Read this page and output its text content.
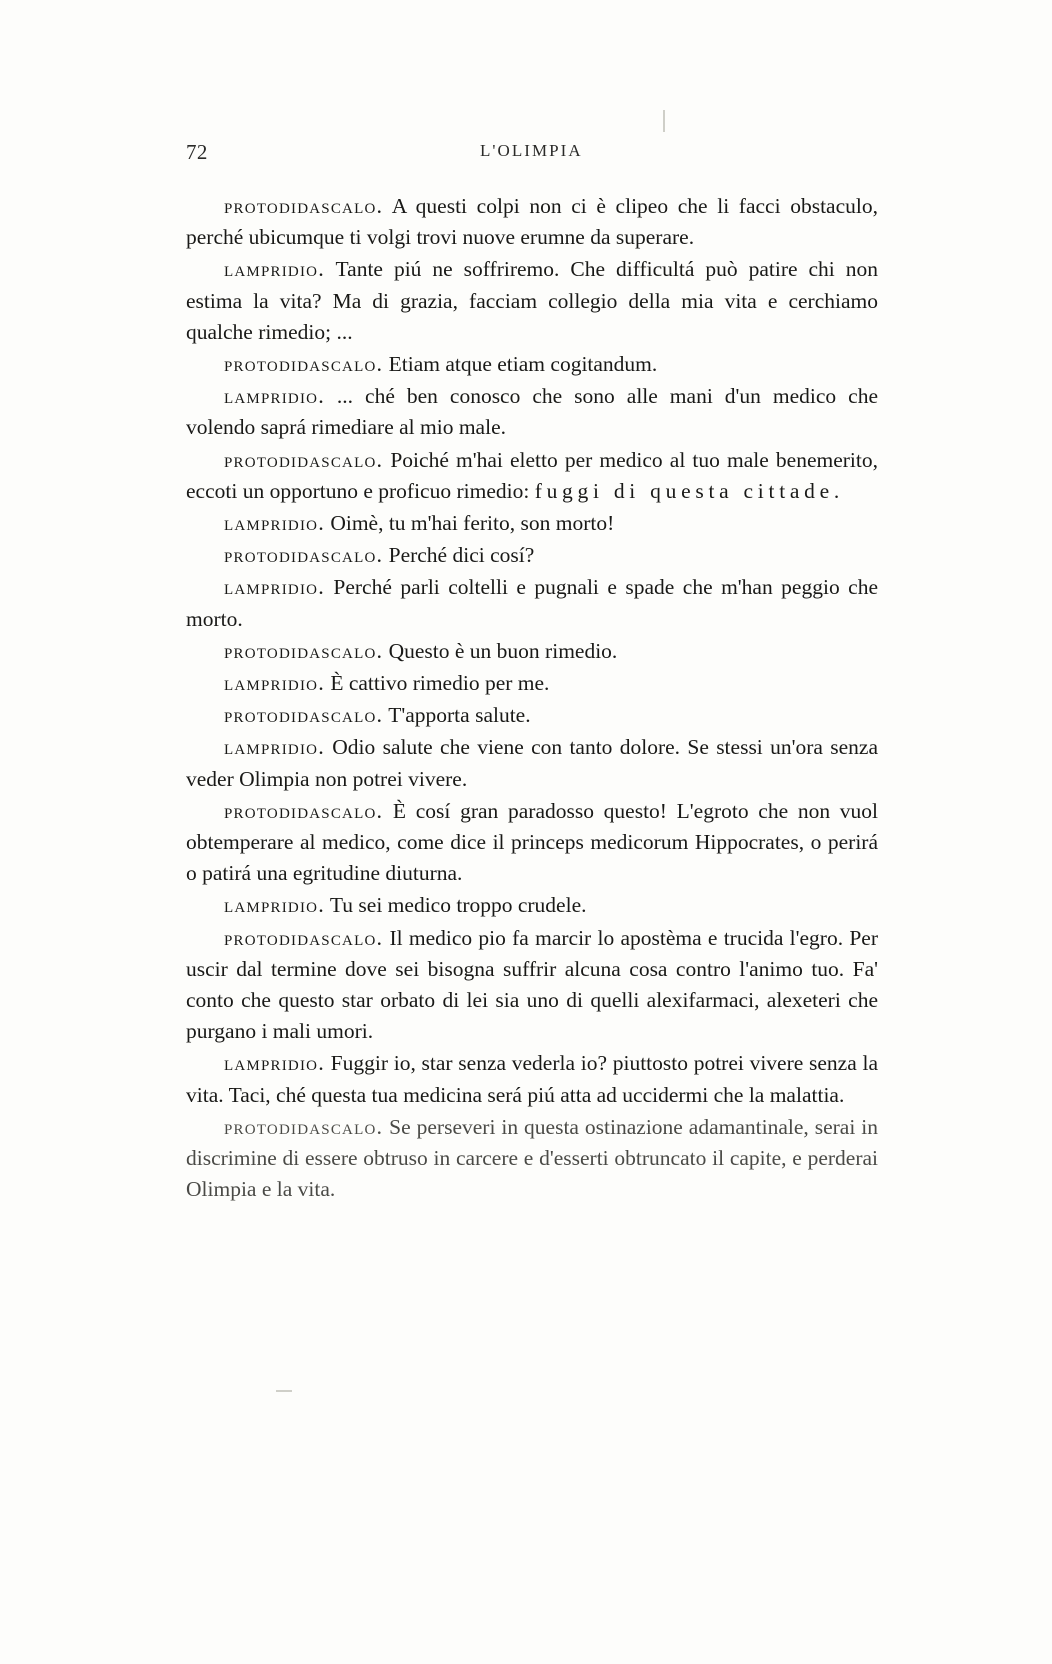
72	L'OLIMPIA

protodidascalo. A questi colpi non ci è clipeo che li facci obstaculo, perché ubicumque ti volgi trovi nuove erumne da superare.

lampridio. Tante piú ne soffriremo. Che difficultá può patire chi non estima la vita? Ma di grazia, facciam collegio della mia vita e cerchiamo qualche rimedio; ...

protodidascalo. Etiam atque etiam cogitandum.

lampridio. ... ché ben conosco che sono alle mani d'un medico che volendo saprá rimediare al mio male.

protodidascalo. Poiché m'hai eletto per medico al tuo male benemerito, eccoti un opportuno e proficuo rimedio: fuggi di questa cittade.

lampridio. Oimè, tu m'hai ferito, son morto!

protodidascalo. Perché dici cosí?

lampridio. Perché parli coltelli e pugnali e spade che m'han peggio che morto.

protodidascalo. Questo è un buon rimedio.

lampridio. È cattivo rimedio per me.

protodidascalo. T'apporta salute.

lampridio. Odio salute che viene con tanto dolore. Se stessi un'ora senza veder Olimpia non potrei vivere.

protodidascalo. È cosí gran paradosso questo! L'egroto che non vuol obtemperare al medico, come dice il princeps medicorum Hippocrates, o perirá o patirá una egritudine diuturna.

lampridio. Tu sei medico troppo crudele.

protodidascalo. Il medico pio fa marcir lo apostèma e trucida l'egro. Per uscir dal termine dove sei bisogna suffrir alcuna cosa contro l'animo tuo. Fa' conto che questo star orbato di lei sia uno di quelli alexifarmaci, alexeteri che purgano i mali umori.

lampridio. Fuggir io, star senza vederla io? piuttosto potrei vivere senza la vita. Taci, ché questa tua medicina será piú atta ad uccidermi che la malattia.

protodidascalo. Se perseveri in questa ostinazione adamantinale, serai in discrimine di essere obtruso in carcere e d'esserti obtruncato il capite, e perderai Olimpia e la vita.
